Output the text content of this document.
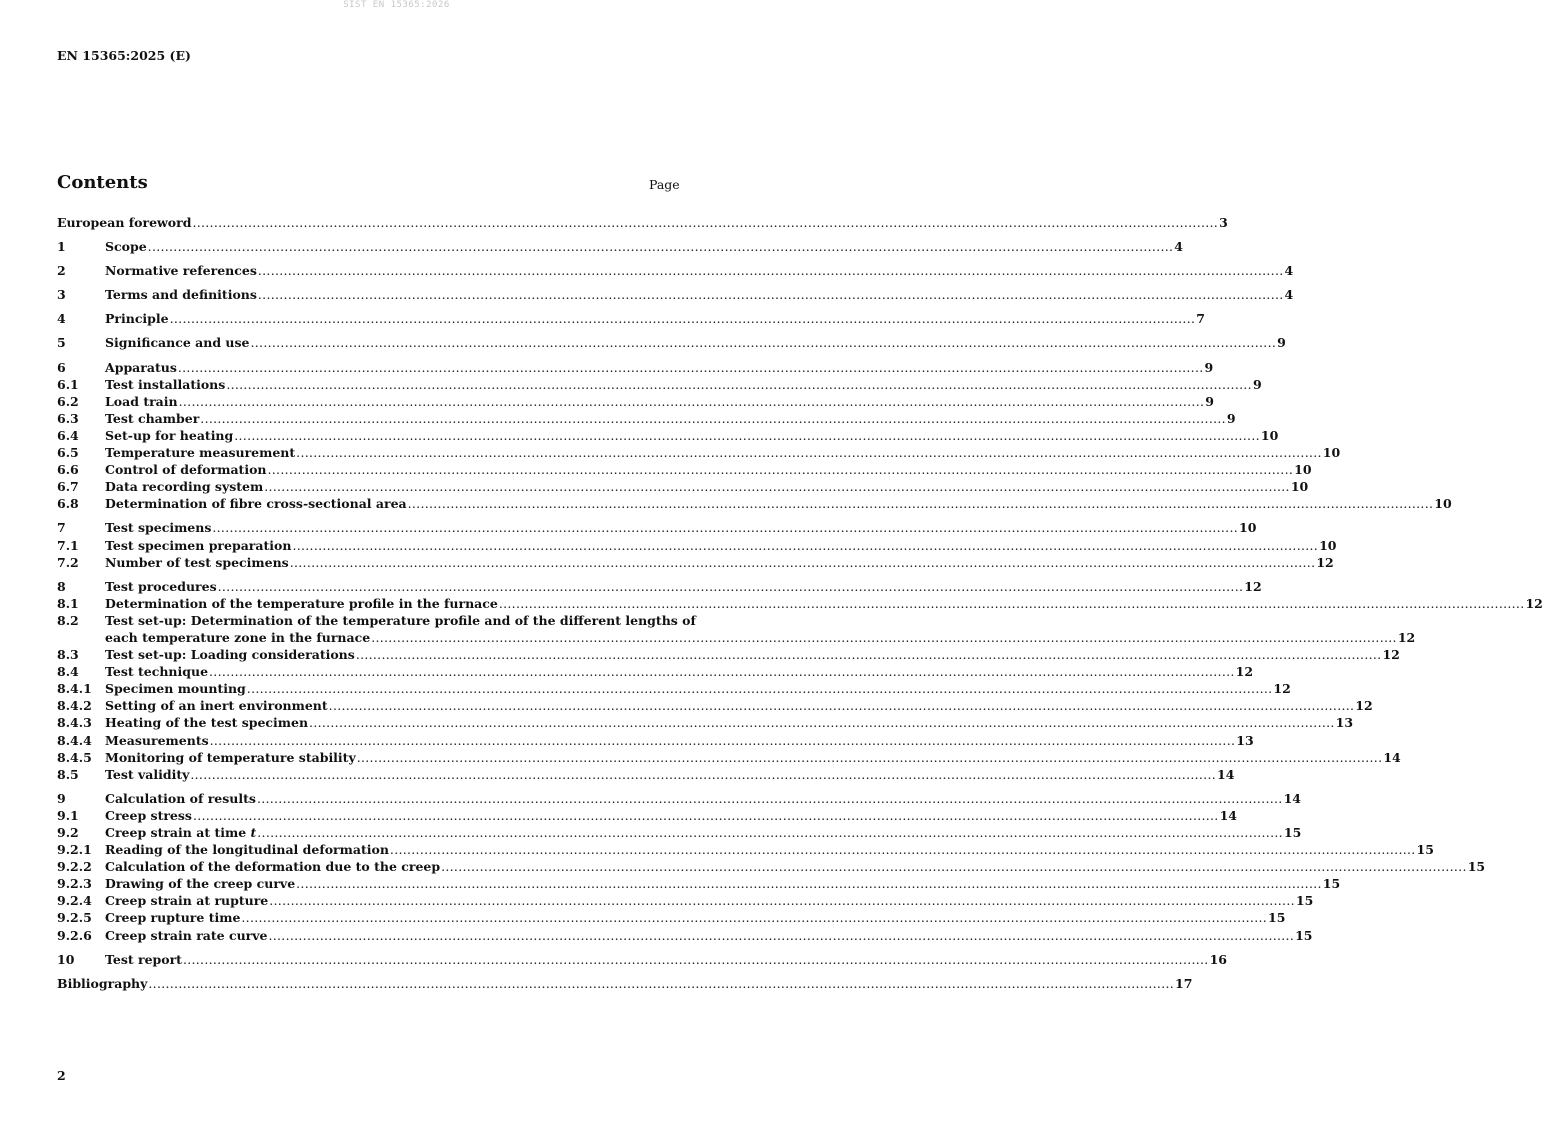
SIST EN 15365:2026
EN 15365:2025 (E)
Contents	Page
European foreword .....	3
1	Scope .....	4
2	Normative references .....	4
3	Terms and definitions .....	4
4	Principle .....	7
5	Significance and use .....	9
6	Apparatus .....	9
6.1	Test installations .....	9
6.2	Load train .....	9
6.3	Test chamber .....	9
6.4	Set-up for heating .....	10
6.5	Temperature measurement .....	10
6.6	Control of deformation .....	10
6.7	Data recording system .....	10
6.8	Determination of fibre cross-sectional area .....	10
7	Test specimens .....	10
7.1	Test specimen preparation .....	10
7.2	Number of test specimens .....	12
8	Test procedures .....	12
8.1	Determination of the temperature profile in the furnace .....	12
8.2	Test set-up: Determination of the temperature profile and of the different lengths of
each temperature zone in the furnace .....	12
8.3	Test set-up: Loading considerations .....	12
8.4	Test technique .....	12
8.4.1	Specimen mounting .....	12
8.4.2	Setting of an inert environment .....	12
8.4.3	Heating of the test specimen .....	13
8.4.4	Measurements .....	13
8.4.5	Monitoring of temperature stability .....	14
8.5	Test validity .....	14
9	Calculation of results .....	14
9.1	Creep stress .....	14
9.2	Creep strain at time t .....	15
9.2.1	Reading of the longitudinal deformation .....	15
9.2.2	Calculation of the deformation due to the creep .....	15
9.2.3	Drawing of the creep curve .....	15
9.2.4	Creep strain at rupture .....	15
9.2.5	Creep rupture time .....	15
9.2.6	Creep strain rate curve .....	15
10	Test report .....	16
Bibliography .....	17
2
